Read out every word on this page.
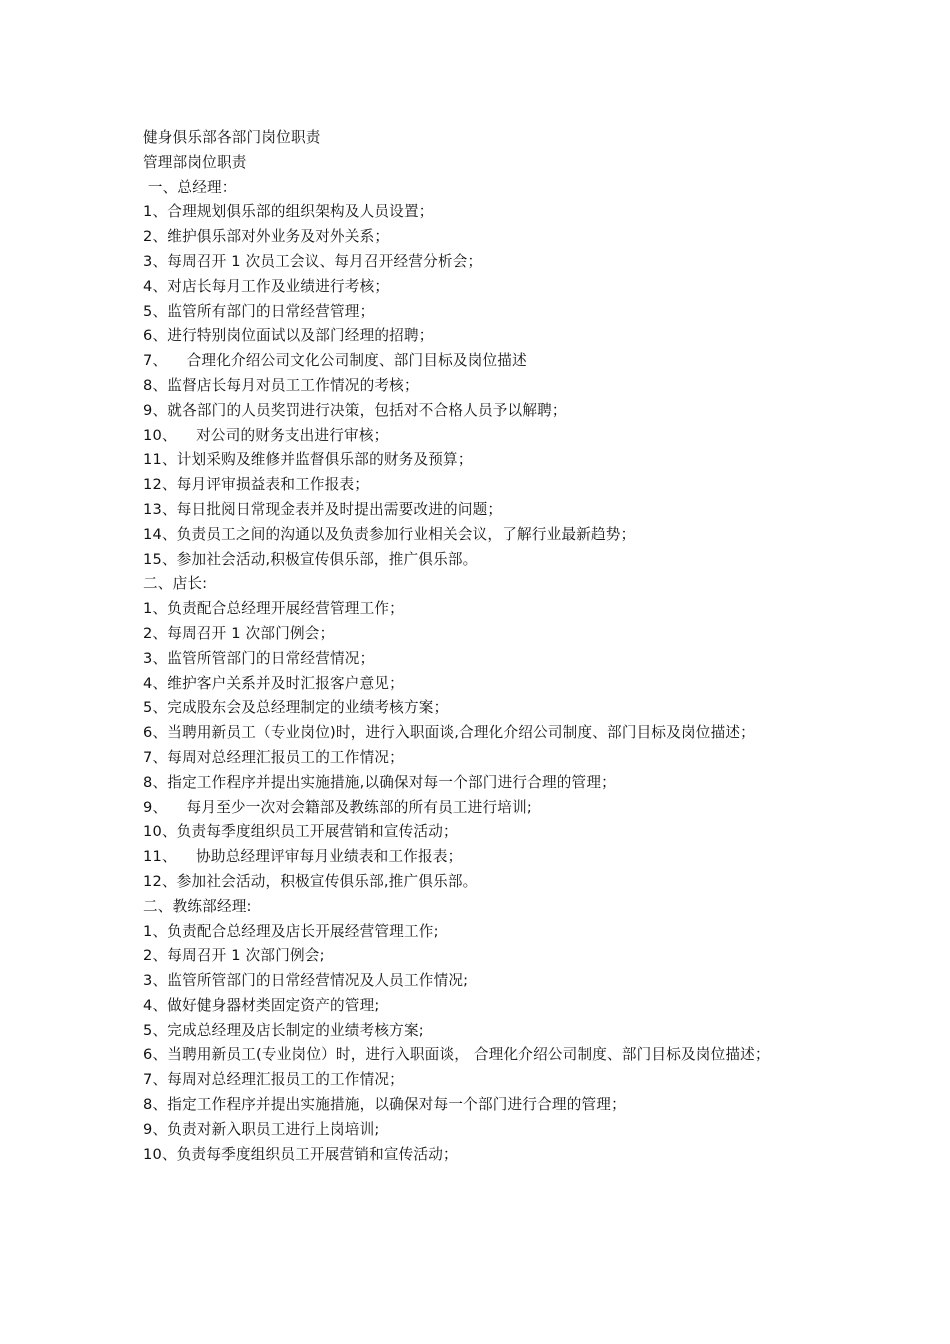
健身俱乐部各部门岗位职责
管理部岗位职责
一、总经理：
1、合理规划俱乐部的组织架构及人员设置；
2、维护俱乐部对外业务及对外关系；
3、每周召开 1 次员工会议、每月召开经营分析会；
4、对店长每月工作及业绩进行考核；
5、监管所有部门的日常经营管理；
6、进行特别岗位面试以及部门经理的招聘；
7、    合理化介绍公司文化公司制度、部门目标及岗位描述
8、监督店长每月对员工工作情况的考核；
9、就各部门的人员奖罚进行决策，包括对不合格人员予以解聘；
10、    对公司的财务支出进行审核；
11、计划采购及维修并监督俱乐部的财务及预算；
12、每月评审损益表和工作报表；
13、每日批阅日常现金表并及时提出需要改进的问题；
14、负责员工之间的沟通以及负责参加行业相关会议，了解行业最新趋势；
15、参加社会活动,积极宣传俱乐部，推广俱乐部。
二、店长:
1、负责配合总经理开展经营管理工作；
2、每周召开 1 次部门例会；
3、监管所管部门的日常经营情况；
4、维护客户关系并及时汇报客户意见；
5、完成股东会及总经理制定的业绩考核方案；
6、当聘用新员工（专业岗位)时，进行入职面谈,合理化介绍公司制度、部门目标及岗位描述；
7、每周对总经理汇报员工的工作情况；
8、指定工作程序并提出实施措施,以确保对每一个部门进行合理的管理；
9、    每月至少一次对会籍部及教练部的所有员工进行培训;
10、负责每季度组织员工开展营销和宣传活动；
11、    协助总经理评审每月业绩表和工作报表；
12、参加社会活动，积极宣传俱乐部,推广俱乐部。
二、教练部经理:
1、负责配合总经理及店长开展经营管理工作;
2、每周召开 1 次部门例会;
3、监管所管部门的日常经营情况及人员工作情况;
4、做好健身器材类固定资产的管理;
5、完成总经理及店长制定的业绩考核方案;
6、当聘用新员工(专业岗位）时，进行入职面谈， 合理化介绍公司制度、部门目标及岗位描述；
7、每周对总经理汇报员工的工作情况；
8、指定工作程序并提出实施措施，以确保对每一个部门进行合理的管理；
9、负责对新入职员工进行上岗培训;
10、负责每季度组织员工开展营销和宣传活动；
